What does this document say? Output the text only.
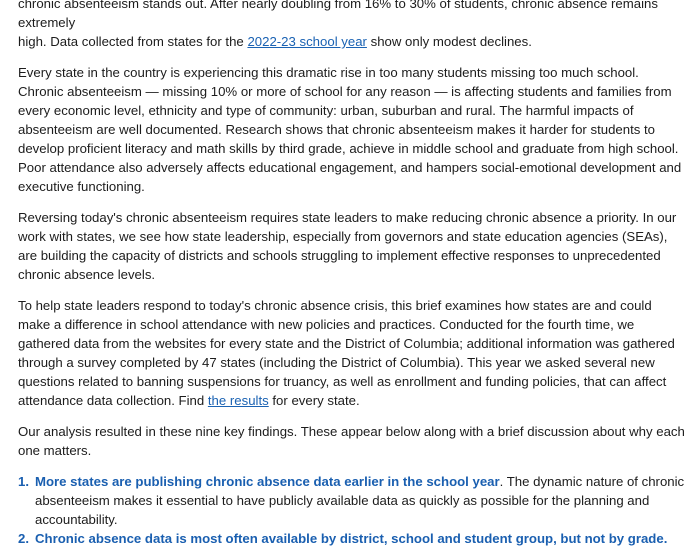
chronic absenteeism stands out. After nearly doubling from 16% to 30% of students, chronic absence remains extremely
high. Data collected from states for the 2022-23 school year show only modest declines.

Every state in the country is experiencing this dramatic rise in too many students missing too much school. Chronic absenteeism — missing 10% or more of school for any reason — is affecting students and families from every economic level, ethnicity and type of community: urban, suburban and rural. The harmful impacts of absenteeism are well documented. Research shows that chronic absenteeism makes it harder for students to develop proficient literacy and math skills by third grade, achieve in middle school and graduate from high school. Poor attendance also adversely affects educational engagement, and hampers social-emotional development and executive functioning.

Reversing today's chronic absenteeism requires state leaders to make reducing chronic absence a priority. In our work with states, we see how state leadership, especially from governors and state education agencies (SEAs), are building the capacity of districts and schools struggling to implement effective responses to unprecedented chronic absence levels.

To help state leaders respond to today's chronic absence crisis, this brief examines how states are and could make a difference in school attendance with new policies and practices. Conducted for the fourth time, we gathered data from the websites for every state and the District of Columbia; additional information was gathered through a survey completed by 47 states (including the District of Columbia). This year we asked several new questions related to banning suspensions for truancy, as well as enrollment and funding policies, that can affect attendance data collection. Find the results for every state.

Our analysis resulted in these nine key findings. These appear below along with a brief discussion about why each one matters.

1. More states are publishing chronic absence data earlier in the school year. The dynamic nature of chronic absenteeism makes it essential to have publicly available data as quickly as possible for the planning and accountability.
2. Chronic absence data is most often available by district, school and student group, but not by grade.
